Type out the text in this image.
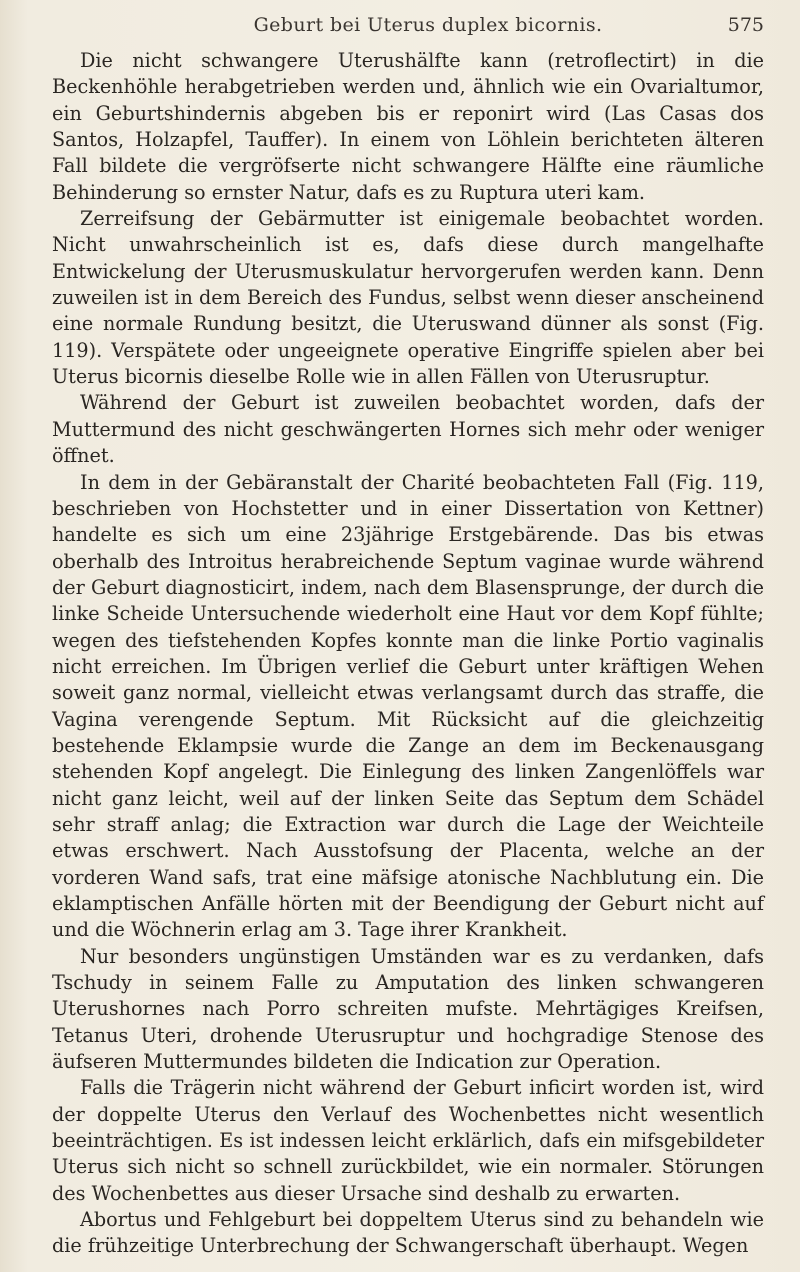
Geburt bei Uterus duplex bicornis.	575

Die nicht schwangere Uterushälfte kann (retroflectirt) in die Beckenhöhle herabgetrieben werden und, ähnlich wie ein Ovarialtumor, ein Geburtshindernis abgeben bis er reponirt wird (Las Casas dos Santos, Holzapfel, Tauffer). In einem von Löhlein berichteten älteren Fall bildete die vergröfserte nicht schwangere Hälfte eine räumliche Behinderung so ernster Natur, dafs es zu Ruptura uteri kam.

Zerreifsung der Gebärmutter ist einigemale beobachtet worden. Nicht unwahrscheinlich ist es, dafs diese durch mangelhafte Entwickelung der Uterusmuskulatur hervorgerufen werden kann. Denn zuweilen ist in dem Bereich des Fundus, selbst wenn dieser anscheinend eine normale Rundung besitzt, die Uteruswand dünner als sonst (Fig. 119). Verspätete oder ungeeignete operative Eingriffe spielen aber bei Uterus bicornis dieselbe Rolle wie in allen Fällen von Uterusruptur.

Während der Geburt ist zuweilen beobachtet worden, dafs der Muttermund des nicht geschwängerten Hornes sich mehr oder weniger öffnet.

In dem in der Gebäranstalt der Charité beobachteten Fall (Fig. 119, beschrieben von Hochstetter und in einer Dissertation von Kettner) handelte es sich um eine 23jährige Erstgebärende. Das bis etwas oberhalb des Introitus herabreichende Septum vaginae wurde während der Geburt diagnosticirt, indem, nach dem Blasensprunge, der durch die linke Scheide Untersuchende wiederholt eine Haut vor dem Kopf fühlte; wegen des tiefstehenden Kopfes konnte man die linke Portio vaginalis nicht erreichen. Im Übrigen verlief die Geburt unter kräftigen Wehen soweit ganz normal, vielleicht etwas verlangsamt durch das straffe, die Vagina verengende Septum. Mit Rücksicht auf die gleichzeitig bestehende Eklampsie wurde die Zange an dem im Beckenausgang stehenden Kopf angelegt. Die Einlegung des linken Zangenlöffels war nicht ganz leicht, weil auf der linken Seite das Septum dem Schädel sehr straff anlag; die Extraction war durch die Lage der Weichteile etwas erschwert. Nach Ausstofsung der Placenta, welche an der vorderen Wand safs, trat eine mäfsige atonische Nachblutung ein. Die eklamptischen Anfälle hörten mit der Beendigung der Geburt nicht auf und die Wöchnerin erlag am 3. Tage ihrer Krankheit.

Nur besonders ungünstigen Umständen war es zu verdanken, dafs Tschudy in seinem Falle zu Amputation des linken schwangeren Uterushornes nach Porro schreiten mufste. Mehrtägiges Kreifsen, Tetanus Uteri, drohende Uterusruptur und hochgradige Stenose des äufseren Muttermundes bildeten die Indication zur Operation.

Falls die Trägerin nicht während der Geburt inficirt worden ist, wird der doppelte Uterus den Verlauf des Wochenbettes nicht wesentlich beeinträchtigen. Es ist indessen leicht erklärlich, dafs ein mifsgebildeter Uterus sich nicht so schnell zurückbildet, wie ein normaler. Störungen des Wochenbettes aus dieser Ursache sind deshalb zu erwarten.

Abortus und Fehlgeburt bei doppeltem Uterus sind zu behandeln wie die frühzeitige Unterbrechung der Schwangerschaft überhaupt. Wegen
